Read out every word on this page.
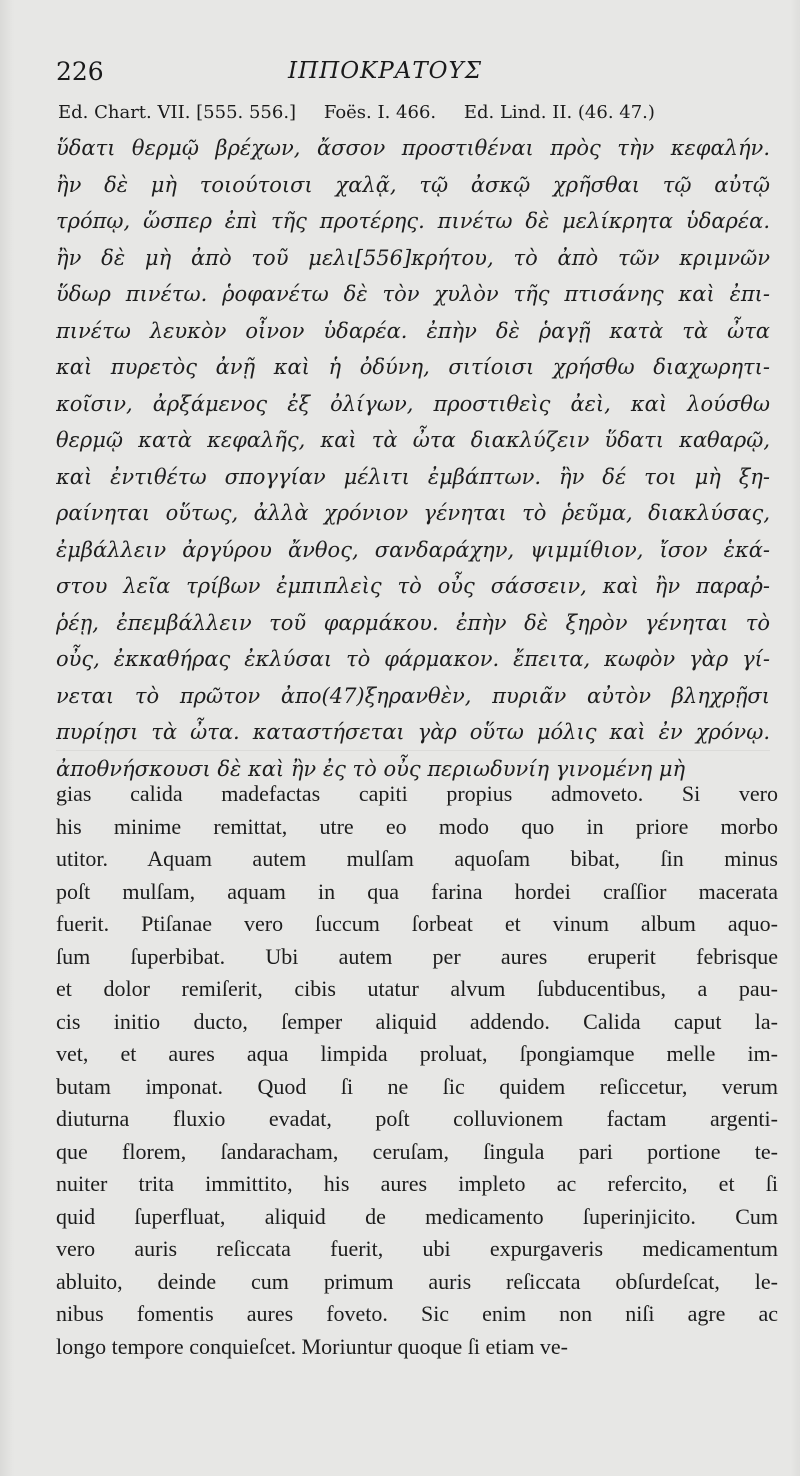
226	ΙΠΠΟΚΡΑΤΟΥΣ
Ed. Chart. VII. [555. 556.] Foës. I. 466. Ed. Lind. II. (46. 47.)
ὕδατι θερμῷ βρέχων, ἄσσον προστιθέναι πρὸς τὴν κεφαλήν.
ἢν δὲ μὴ τοιούτοισι χαλᾷ, τῷ ἀσκῷ χρῆσθαι τῷ αὐτῷ
τρόπῳ, ὥσπερ ἐπὶ τῆς προτέρης. πινέτω δὲ μελίκρητα ὑδαρέα.
ἢν δὲ μὴ ἀπὸ τοῦ μελι[556]κρήτου, τὸ ἀπὸ τῶν κριμνῶν
ὕδωρ πινέτω. ῥοφανέτω δὲ τὸν χυλὸν τῆς πτισάνης καὶ ἐπι-
πινέτω λευκὸν οἶνον ὑδαρέα. ἐπὴν δὲ ῥαγῇ κατὰ τὰ ὦτα
καὶ πυρετὸς ἀνῇ καὶ ἡ ὀδύνη, σιτίοισι χρήσθω διαχωρητι-
κοῖσιν, ἀρξάμενος ἐξ ὀλίγων, προστιθεὶς ἀεὶ, καὶ λούσθω
θερμῷ κατὰ κεφαλῆς, καὶ τὰ ὦτα διακλύζειν ὕδατι καθαρῷ,
καὶ ἐντιθέτω σπογγίαν μέλιτι ἐμβάπτων. ἢν δέ τοι μὴ ξη-
ραίνηται οὕτως, ἀλλὰ χρόνιον γένηται τὸ ῥεῦμα, διακλύσας,
ἐμβάλλειν ἀργύρου ἄνθος, σανδαράχην, ψιμμίθιον, ἴσον ἑκά-
στου λεῖα τρίβων ἐμπιπλεὶς τὸ οὖς σάσσειν, καὶ ἢν παραῤ-
ῥέῃ, ἐπεμβάλλειν τοῦ φαρμάκου. ἐπὴν δὲ ξηρὸν γένηται τὸ
οὖς, ἐκκαθήρας ἐκλύσαι τὸ φάρμακον. ἔπειτα, κωφὸν γὰρ γί-
νεται τὸ πρῶτον ἀπο(47)ξηρανθὲν, πυριᾶν αὐτὸν βληχρῇσι
πυρίῃσι τὰ ὦτα. καταστήσεται γὰρ οὕτω μόλις καὶ ἐν χρόνῳ.
ἀποθνήσκουσι δὲ καὶ ἢν ἐς τὸ οὖς περιωδυνίη γινομένη μὴ
gias calida madefactas capiti propius admoveto. Si vero
his minime remittat, utre eo modo quo in priore morbo
utitor. Aquam autem mulſam aquoſam bibat, ſin minus
poſt mulſam, aquam in qua farina hordei craſſior macerata
fuerit. Ptiſanae vero ſuccum ſorbeat et vinum album aquo-
ſum ſuperbibat. Ubi autem per aures eruperit febrisque
et dolor remiſerit, cibis utatur alvum ſubducentibus, a pau-
cis initio ducto, ſemper aliquid addendo. Calida caput la-
vet, et aures aqua limpida proluat, ſpongiamque melle im-
butam imponat. Quod ſi ne ſic quidem reſiccetur, verum
diuturna fluxio evadat, poſt colluvionem factam argenti-
que florem, ſandaracham, ceruſam, ſingula pari portione te-
nuiter trita immittito, his aures impleto ac refercito, et ſi
quid ſuperfluat, aliquid de medicamento ſuperinjicito. Cum
vero auris reſiccata fuerit, ubi expurgaveris medicamentum
abluito, deinde cum primum auris reſiccata obſurdeſcat, le-
nibus fomentis aures foveto. Sic enim non niſi agre ac
longo tempore conquieſcet. Moriuntur quoque ſi etiam ve-
